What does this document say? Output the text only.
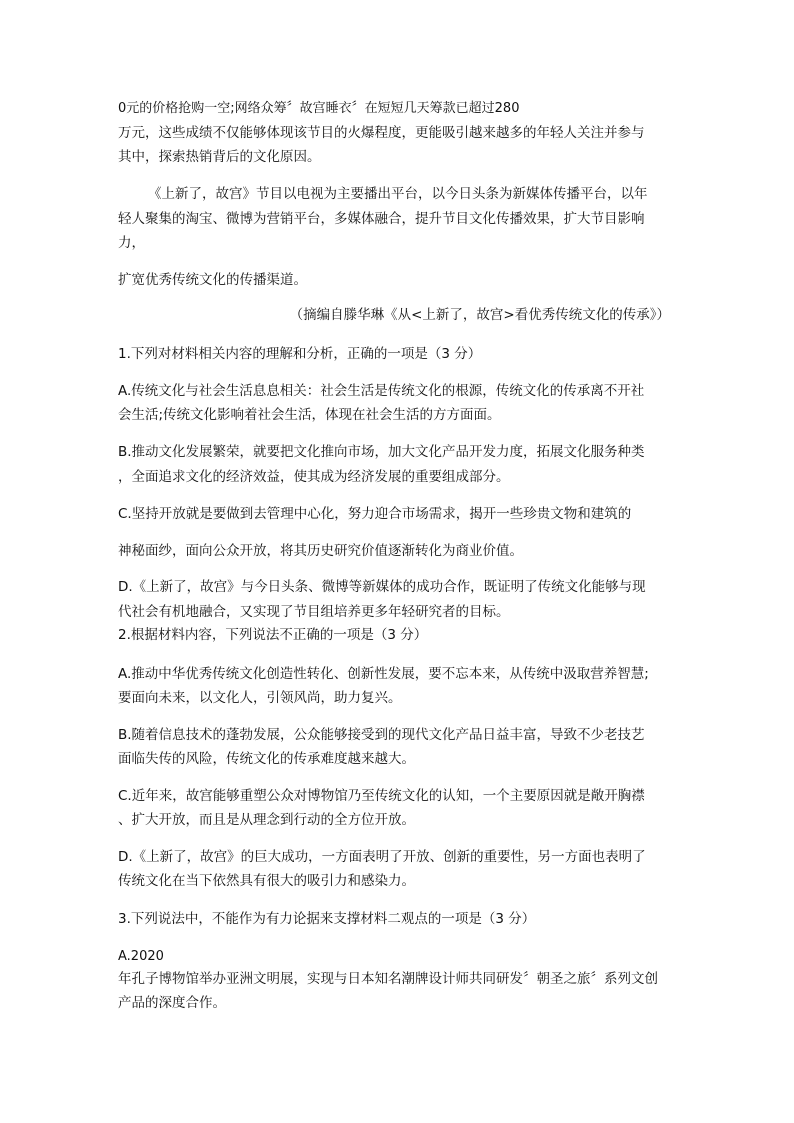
0元的价格抢购一空;网络众筹〞故宫睡衣〞在短短几天筹款已超过280
万元，这些成绩不仅能够体现该节目的火爆程度，更能吸引越来越多的年轻人关注并参与
其中，探索热销背后的文化原因。
《上新了，故宫》节目以电视为主要播出平台，以今日头条为新媒体传播平台，以年
轻人聚集的淘宝、微博为营销平台，多媒体融合，提升节目文化传播效果，扩大节目影响
力，
扩宽优秀传统文化的传播渠道。
（摘编自滕华琳《从<上新了，故宫>看优秀传统文化的传承》）
1.下列对材料相关内容的理解和分析，正确的一项是（3 分）
A.传统文化与社会生活息息相关：社会生活是传统文化的根源，传统文化的传承离不开社
会生活;传统文化影响着社会生活，体现在社会生活的方方面面。
B.推动文化发展繁荣，就要把文化推向市场，加大文化产品开发力度，拓展文化服务种类
，全面追求文化的经济效益，使其成为经济发展的重要组成部分。
C.坚持开放就是要做到去管理中心化，努力迎合市场需求，揭开一些珍贵文物和建筑的
神秘面纱，面向公众开放，将其历史研究价值逐渐转化为商业价值。
D.《上新了，故宫》与今日头条、微博等新媒体的成功合作，既证明了传统文化能够与现
代社会有机地融合，又实现了节目组培养更多年轻研究者的目标。
2.根据材料内容，下列说法不正确的一项是（3 分）
A.推动中华优秀传统文化创造性转化、创新性发展，要不忘本来，从传统中汲取营养智慧;
要面向未来，以文化人，引领风尚，助力复兴。
B.随着信息技术的蓬勃发展，公众能够接受到的现代文化产品日益丰富，导致不少老技艺
面临失传的风险，传统文化的传承难度越来越大。
C.近年来，故宫能够重塑公众对博物馆乃至传统文化的认知，一个主要原因就是敞开胸襟
、扩大开放，而且是从理念到行动的全方位开放。
D.《上新了，故宫》的巨大成功，一方面表明了开放、创新的重要性，另一方面也表明了
传统文化在当下依然具有很大的吸引力和感染力。
3.下列说法中，不能作为有力论据来支撑材料二观点的一项是（3 分）
A.2020
年孔子博物馆举办亚洲文明展，实现与日本知名潮牌设计师共同研发〞朝圣之旅〞系列文创
产品的深度合作。
